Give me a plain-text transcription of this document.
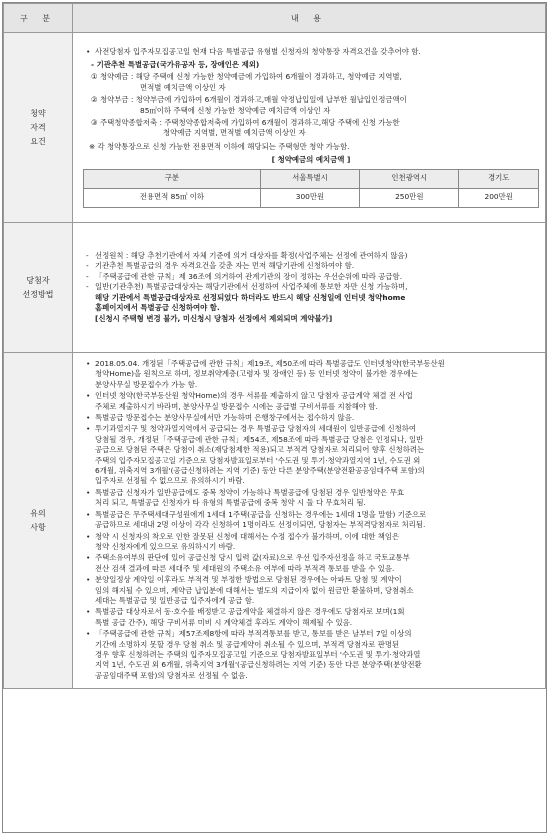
구 분	내 용

청약
자격
요건

• 사전당첨자 입주자모집공고일 현재 다음 특별공급 유형별 신청자의 청약통장 자격요건을 갖추어야 함.
- 기관추천 특별공급(국가유공자 등, 장애인은 제외)
① 청약예금 : 해당 주택에 신청 가능한 청약예금에 가입하여 6개월이 경과하고, 청약예금 지역별,
면적별 예치금액 이상인 자
② 청약부금 : 청약부금에 가입하여 6개월이 경과하고,매월 약정납입일에 납부한 월납입인정금액이
85㎡이하 주택에 신청 가능한 청약예금 예치금액 이상인 자
③ 주택청약종합저축 : 주택청약종합저축에 가입하여 6개월이 경과하고,해당 주택에 신청 가능한
청약예금 지역별, 면적별 예치금액 이상인 자
※ 각 청약통장으로 신청 가능한 전용면적 이하에 해당되는 주택형만 청약 가능함.
[ 청약예금의 예치금액 ]
구분	서울특별시	인천광역시	경기도
전용면적 85㎡ 이하	300만원	250만원	200만원

당첨자
선정방법

- 선정원칙 : 해당 추천기관에서 자체 기준에 의거 대상자를 확정(사업주체는 선정에 관여하지 않음)
- 기관추천 특별공급의 경우 자격요건을 갖춘 자는 먼저 해당기관에 신청하여야 함.
- 「주택공급에 관한 규칙」제 36조에 의거하여 관계기관의 장이 정하는 우선순위에 따라 공급함.
- 일반(기관추천) 특별공급대상자는 해당기관에서 선정하여 사업주체에 통보한 자만 신청 가능하며,
해당 기관에서 특별공급대상자로 선정되었다 하더라도 반드시 해당 신청일에 인터넷 청약home
홈페이지에서 특별공급 신청하여야 함.
[신청시 주택형 변경 불가, 미신청시 당첨자 선정에서 제외되며 계약불가]

유의
사항

• 2018.05.04. 개정된「주택공급에 관한 규칙」제19조, 제50조에 따라 특별공급도 인터넷청약(한국부동산원
청약Home)을 원칙으로 하며, 정보취약계층(고령자 및 장애인 등) 등 인터넷 청약이 불가한 경우에는
분양사무실 방문접수가 가능 함.
• 인터넷 청약(한국부동산원 청약Home)의 경우 서류를 제출하지 않고 당첨자 공급계약 체결 전 사업
주체로 제출하시기 바라며, 분양사무실 방문접수 시에는 공급별 구비서류를 지참해야 함.
• 특별공급 방문접수는 분양사무실에서만 가능하며 은행창구에서는 접수하지 않음.
• 투기과열지구 및 청약과열지역에서 공급되는 경우 특별공급 당첨자의 세대원이 일반공급에 신청하여
당첨될 경우, 개정된「주택공급에 관한 규칙」제54조, 제58조에 따라 특별공급 당첨은 인정되나, 일반
공급으로 당첨된 주택은 당첨이 취소(재당첨제한 적용)되고 부적격 당첨자로 처리되어 향후 신청하려는
주택의 입주자모집공고일 기준으로 당첨자발표일로부터 '수도권 및 투기·청약과열지역 1년, 수도권 외
6개월, 위축지역 3개월'(공급신청하려는 지역 기준) 동안 다른 분양주택(분양전환공공임대주택 포함)의
입주자로 선정될 수 없으므로 유의하시기 바람.
• 특별공급 신청자가 일반공급에도 중복 청약이 가능하나 특별공급에 당첨된 경우 일반청약은 무효
처리 되고, 특별공급 신청자가 타 유형의 특별공급에 중복 청약 시 둘 다 무효처리 됨.
• 특별공급은 무주택세대구성원에게 1세대 1주택(공급을 신청하는 경우에는 1세대 1명을 말함) 기준으로
공급하므로 세대내 2명 이상이 각각 신청하여 1명이라도 선정이되면, 당첨자는 부적격당첨자로 처리됨.
• 청약 시 신청자의 착오로 인한 잘못된 신청에 대해서는 수정 접수가 불가하며, 이에 대한 책임은
청약 신청자에게 있으므로 유의하시기 바람.
• 주택소유여부의 판단에 있어 공급신청 당시 입력 값(자료)으로 우선 입주자선정을 하고 국토교통부
전산 검색 결과에 따른 세대주 및 세대원의 주택소유 여부에 따라 부적격 통보를 받을 수 있음.
• 분양일정상 계약일 이후라도 부적격 및 부정한 방법으로 당첨된 경우에는 아파트 당첨 및 계약이
임의 해지될 수 있으며, 계약금 납입분에 대해서는 별도의 지급이자 없이 원금만 환불하며, 당첨취소
세대는 특별공급 및 일반공급 입주자에게 공급 함.
• 특별공급 대상자로서 동·호수를 배정받고 공급계약을 체결하지 않은 경우에도 당첨자로 보며(1회
특별 공급 간주), 해당 구비서류 미비 시 계약체결 후라도 계약이 해제될 수 있음.
• 「주택공급에 관한 규칙」제57조제8항에 따라 부적격통보를 받고, 통보를 받은 날부터 7일 이상의
기간에 소명하지 못할 경우 당첨 취소 및 공급계약이 취소될 수 있으며, 부적격 당첨자로 판명된
경우 향후 신청하려는 주택의 입주자모집공고일 기준으로 당첨자발표일부터 '수도권 및 투기·청약과열
지역 1년, 수도권 외 6개월, 위축지역 3개월'(공급신청하려는 지역 기준) 동안 다른 분양주택(분양전환
공공임대주택 포함)의 당첨자로 선정될 수 없음.
